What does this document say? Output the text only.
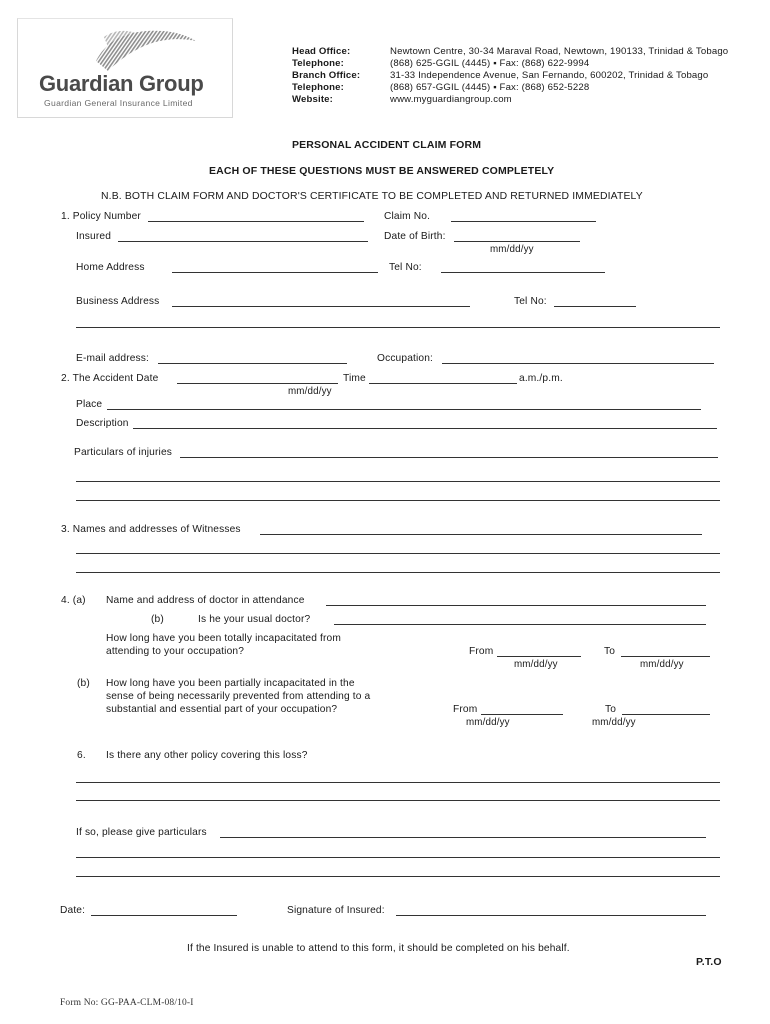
Guardian Group
Guardian General Insurance Limited
Head Office:	Newtown Centre, 30-34 Maraval Road, Newtown, 190133, Trinidad & Tobago
Telephone:	(868) 625-GGIL (4445) ▪ Fax: (868) 622-9994
Branch Office:	31-33 Independence Avenue, San Fernando, 600202, Trinidad & Tobago
Telephone:	(868) 657-GGIL (4445) ▪ Fax: (868) 652-5228
Website:	www.myguardiangroup.com
PERSONAL ACCIDENT CLAIM FORM
EACH OF THESE QUESTIONS MUST BE ANSWERED COMPLETELY
N.B. BOTH CLAIM FORM AND DOCTOR'S CERTIFICATE TO BE COMPLETED AND RETURNED IMMEDIATELY
1. Policy Number	Claim No.
Insured	Date of Birth:
mm/dd/yy
Home Address	Tel No:
Business Address	Tel No:
E-mail address:	Occupation:
2. The Accident Date	Time	a.m./p.m.
mm/dd/yy
Place
Description
Particulars of injuries
3. Names and addresses of Witnesses
4. (a) Name and address of doctor in attendance
(b)	Is he your usual doctor?
How long have you been totally incapacitated from
attending to your occupation?	From	To
mm/dd/yy	mm/dd/yy
(b) How long have you been partially incapacitated in the
sense of being necessarily prevented from attending to a
substantial and essential part of your occupation?	From	To
mm/dd/yy	mm/dd/yy
6. Is there any other policy covering this loss?
If so, please give particulars
Date:	Signature of Insured:
If the Insured is unable to attend to this form, it should be completed on his behalf.
P.T.O
Form No: GG-PAA-CLM-08/10-I
